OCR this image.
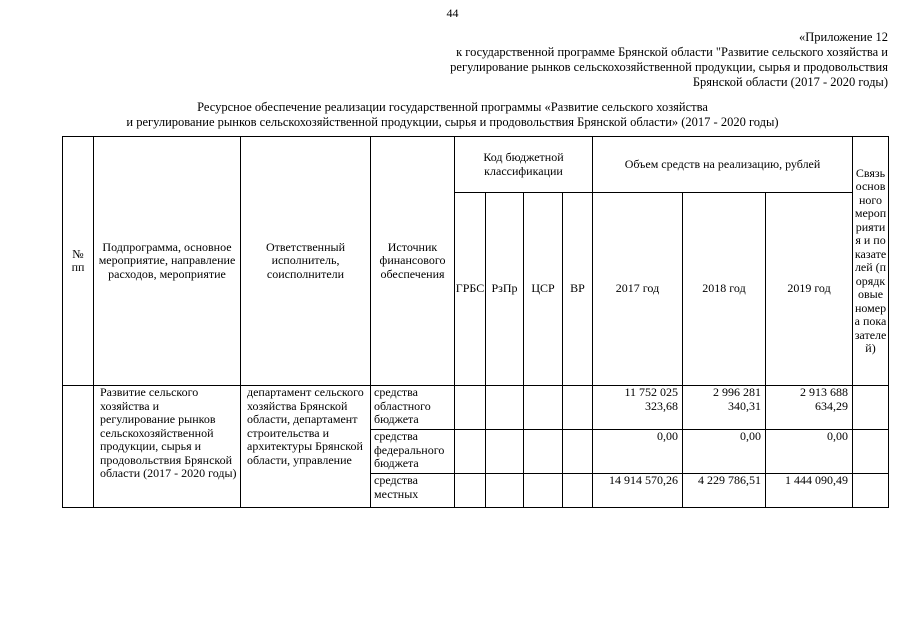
44
«Приложение 12
к государственной программе Брянской области "Развитие сельского хозяйства и
регулирование рынков сельскохозяйственной продукции, сырья и продовольствия
Брянской области (2017 - 2020 годы)
Ресурсное обеспечение реализации государственной программы «Развитие сельского хозяйства
и регулирование рынков сельскохозяйственной продукции, сырья и продовольствия Брянской области» (2017 - 2020 годы)
№ пп	Подпрограмма, основное мероприятие, направление расходов, мероприятие	Ответственный исполнитель, соисполнители	Источник финансового обеспечения	Код бюджетной классификации				Объем средств на реализацию, рублей			Связь основного мероприятия и показателей (порядковые номера показателей)
				ГРБС	РзПр	ЦСР	ВР	2017 год	2018 год	2019 год	
	Развитие сельского хозяйства и регулирование рынков сельскохозяйственной продукции, сырья и продовольствия Брянской области (2017 - 2020 годы)	департамент сельского хозяйства Брянской области, департамент строительства и архитектуры Брянской области, управление	средства областного бюджета					11 752 025 323,68	2 996 281 340,31	2 913 688 634,29	
			средства федерального бюджета					0,00	0,00	0,00	
			средства местных					14 914 570,26	4 229 786,51	1 444 090,49	
